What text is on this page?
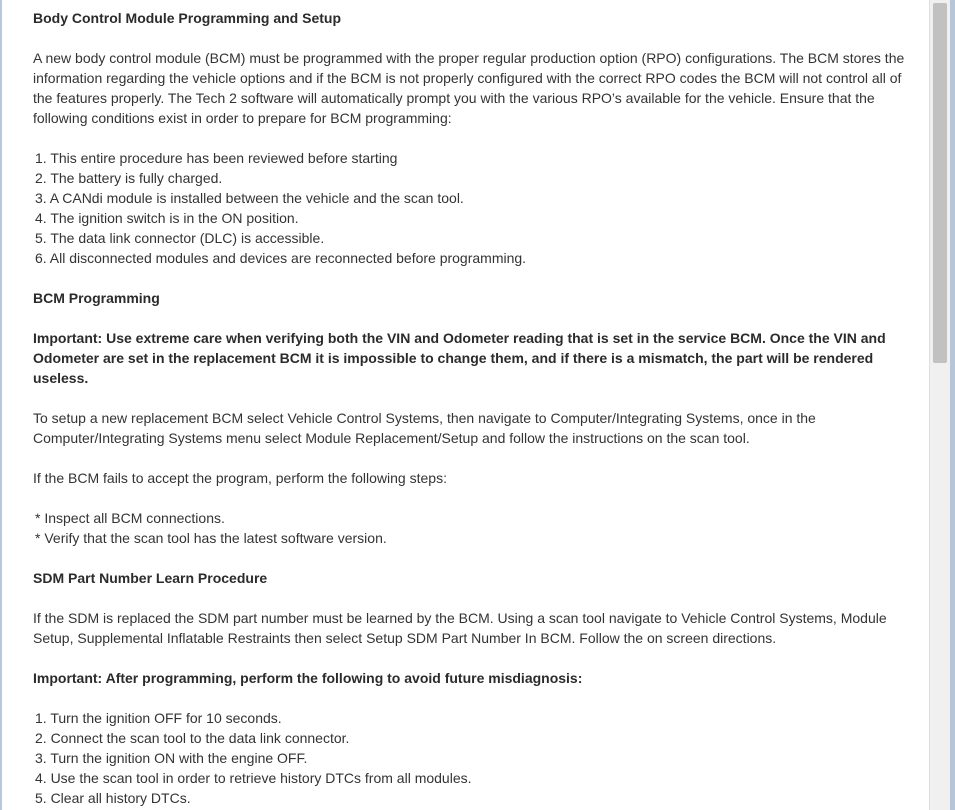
Body Control Module Programming and Setup

A new body control module (BCM) must be programmed with the proper regular production option (RPO) configurations. The BCM stores the information regarding the vehicle options and if the BCM is not properly configured with the correct RPO codes the BCM will not control all of the features properly. The Tech 2 software will automatically prompt you with the various RPO’s available for the vehicle. Ensure that the following conditions exist in order to prepare for BCM programming:

1. This entire procedure has been reviewed before starting
2. The battery is fully charged.
3. A CANdi module is installed between the vehicle and the scan tool.
4. The ignition switch is in the ON position.
5. The data link connector (DLC) is accessible.
6. All disconnected modules and devices are reconnected before programming.

BCM Programming

Important: Use extreme care when verifying both the VIN and Odometer reading that is set in the service BCM. Once the VIN and Odometer are set in the replacement BCM it is impossible to change them, and if there is a mismatch, the part will be rendered useless.

To setup a new replacement BCM select Vehicle Control Systems, then navigate to Computer/Integrating Systems, once in the Computer/Integrating Systems menu select Module Replacement/Setup and follow the instructions on the scan tool.

If the BCM fails to accept the program, perform the following steps:

* Inspect all BCM connections.
* Verify that the scan tool has the latest software version.

SDM Part Number Learn Procedure

If the SDM is replaced the SDM part number must be learned by the BCM. Using a scan tool navigate to Vehicle Control Systems, Module Setup, Supplemental Inflatable Restraints then select Setup SDM Part Number In BCM. Follow the on screen directions.

Important: After programming, perform the following to avoid future misdiagnosis:

1. Turn the ignition OFF for 10 seconds.
2. Connect the scan tool to the data link connector.
3. Turn the ignition ON with the engine OFF.
4. Use the scan tool in order to retrieve history DTCs from all modules.
5. Clear all history DTCs.
